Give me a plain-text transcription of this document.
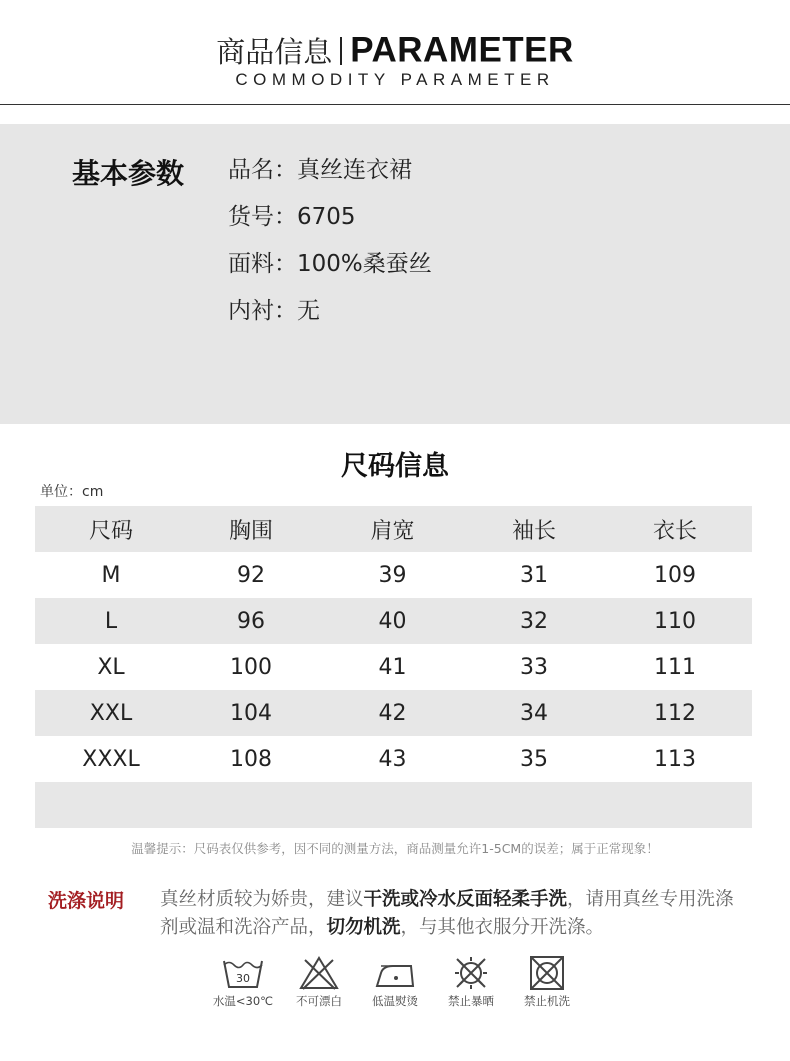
商品信息 PARAMETER
COMMODITY PARAMETER
基本参数 品名：真丝连衣裙
货号：6705
面料：100%桑蚕丝
内衬：无
尺码信息
单位：cm
尺码	胸围	肩宽	袖长	衣长
M	92	39	31	109
L	96	40	32	110
XL	100	41	33	111
XXL	104	42	34	112
XXXL	108	43	35	113
温馨提示：尺码表仅供参考，因不同的测量方法，商品测量允许1-5CM的误差；属于正常现象！
洗涤说明 真丝材质较为娇贵，建议干洗或冷水反面轻柔手洗，请用真丝专用洗涤剂或温和洗浴产品，切勿机洗，与其他衣服分开洗涤。
30
水温<30℃	不可漂白	低温熨烫	禁止暴晒	禁止机洗
